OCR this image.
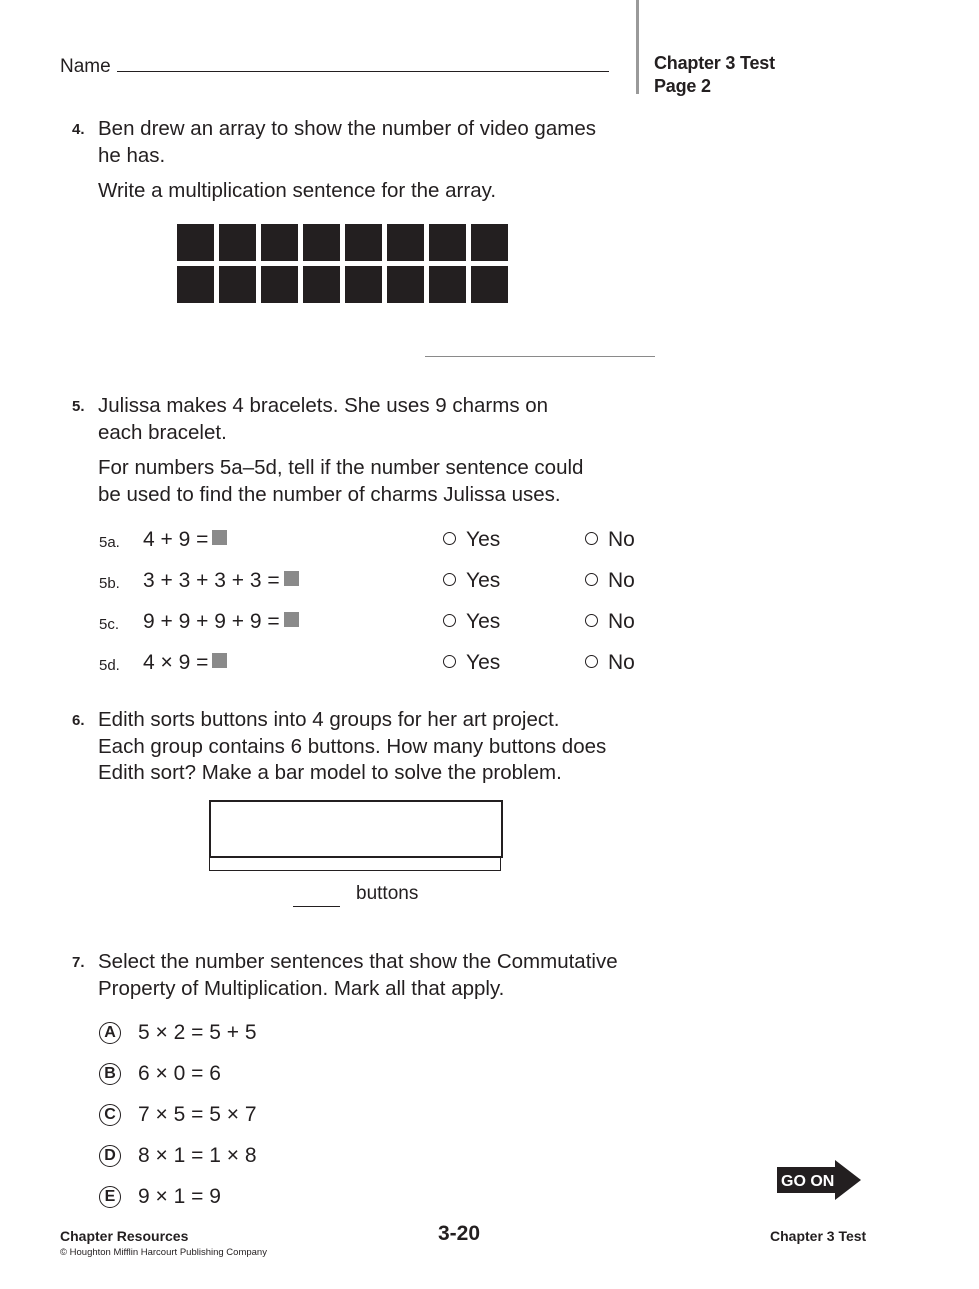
Name	Chapter 3 Test
Page 2
4. Ben drew an array to show the number of video games
he has.
Write a multiplication sentence for the array.
5. Julissa makes 4 bracelets. She uses 9 charms on
each bracelet.
For numbers 5a–5d, tell if the number sentence could
be used to find the number of charms Julissa uses.
5a. 4 + 9 =	Yes	No
5b. 3 + 3 + 3 + 3 =	Yes	No
5c. 9 + 9 + 9 + 9 =	Yes	No
5d. 4 × 9 =	Yes	No
6. Edith sorts buttons into 4 groups for her art project.
Each group contains 6 buttons. How many buttons does
Edith sort? Make a bar model to solve the problem.
buttons
7. Select the number sentences that show the Commutative
Property of Multiplication. Mark all that apply.
A 5 × 2 = 5 + 5
B 6 × 0 = 6
C 7 × 5 = 5 × 7
D 8 × 1 = 1 × 8
E 9 × 1 = 9
GO ON
Chapter Resources
© Houghton Mifflin Harcourt Publishing Company
3-20	Chapter 3 Test
